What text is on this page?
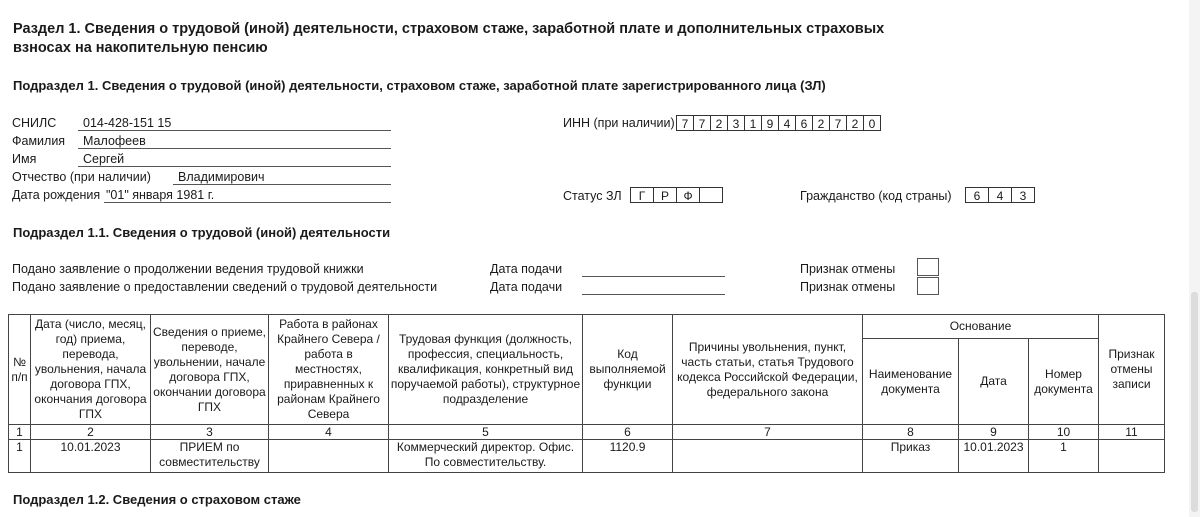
Раздел 1. Сведения о трудовой (иной) деятельности, страховом стаже, заработной плате и дополнительных страховых
взносах на накопительную пенсию
Подраздел 1. Сведения о трудовой (иной) деятельности, страховом стаже, заработной плате зарегистрированного лица (ЗЛ)
СНИЛС 014-428-151 15
Фамилия Малофеев
Имя	Сергей
Отчество (при наличии) Владимирович
Дата рождения "01" января 1981 г.
ИНН (при наличии) 7 7 2 3 1 9 4 6 2 7 2 0
Статус ЗЛ	Г	Р	Ф	Гражданство (код страны)	6	4	3
Подраздел 1.1. Сведения о трудовой (иной) деятельности
Подано заявление о продолжении ведения трудовой книжки	Дата подачи	Признак отмены
Подано заявление о предоставлении сведений о трудовой деятельности	Дата подачи	Признак отмены
№ п/п	Дата (число, месяц, год) приема, перевода, увольнения, начала договора ГПХ, окончания договора ГПХ	Сведения о приеме, переводе, увольнении, начале договора ГПХ, окончании договора ГПХ	Работа в районах Крайнего Севера / работа в местностях, приравненных к районам Крайнего Севера	Трудовая функция (должность, профессия, специальность, квалификация, конкретный вид поручаемой работы), структурное подразделение	Код выполняемой функции	Причины увольнения, пункт, часть статьи, статья Трудового кодекса Российской Федерации, федерального закона	Основание			Признак отмены записи
							Наименование документа	Дата	Номер документа	
1	2	3	4	5	6	7	8	9	10	11
1	10.01.2023	ПРИЕМ по совместительству		Коммерческий директор. Офис. По совместительству.	1120.9		Приказ	10.01.2023	1	
Подраздел 1.2. Сведения о страховом стаже
